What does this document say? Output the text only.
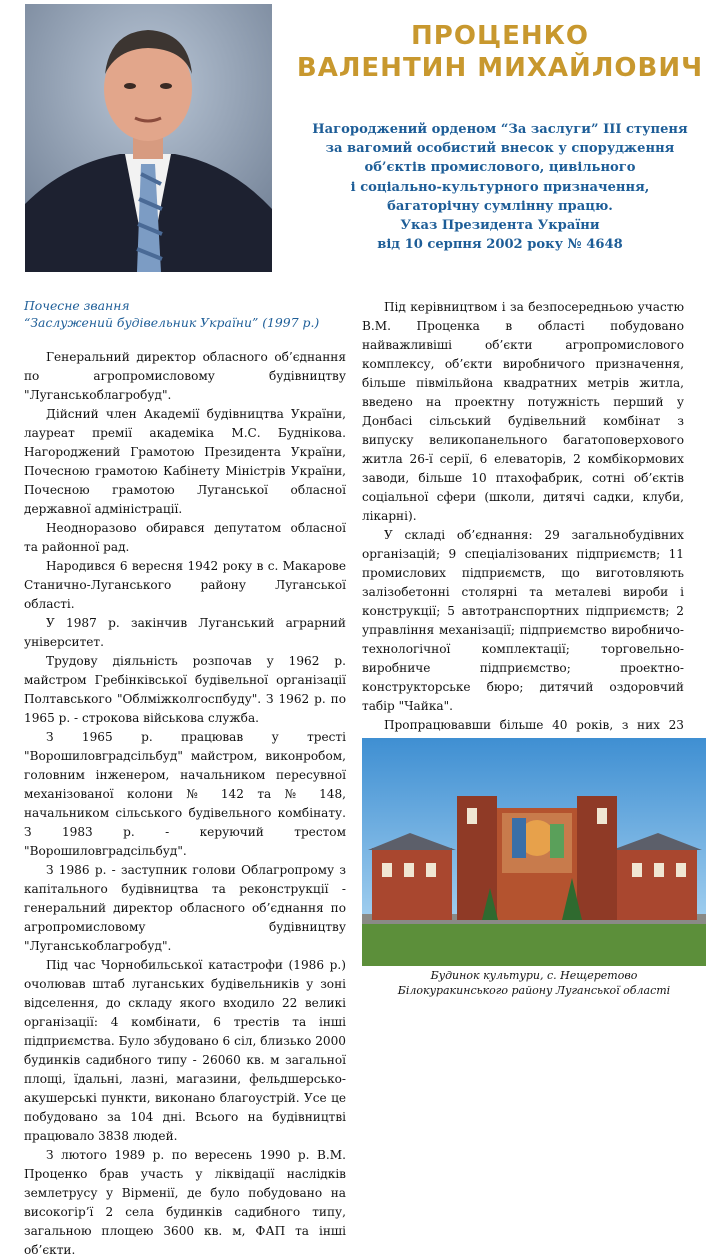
ПРОЦЕНКО
ВАЛЕНТИН МИХАЙЛОВИЧ
Нагороджений орденом “За заслуги” III ступеня
за вагомий особистий внесок у спорудження
об’єктів промислового, цивільного
і соціально-культурного призначення,
багаторічну сумлінну працю.
Указ Президента України
від 10 серпня 2002 року № 4648
Почесне звання
“Заслужений будівельник України” (1997 р.)

Генеральний директор обласного об’єднання по агропромисловому будівництву "Луганськоблагробуд".

Дійсний член Академії будівництва України, лауреат премії академіка М.С. Буднікова. Нагороджений Грамотою Президента України, Почесною грамотою Кабінету Міністрів України, Почесною грамотою Луганської обласної державної адміністрації.

Неодноразово обирався депутатом обласної та районної рад.

Народився 6 вересня 1942 року в с. Макарове Станично-Луганського району Луганської області.

У 1987 р. закінчив Луганський аграрний університет.

Трудову діяльність розпочав у 1962 р. майстром Гребінківської будівельної організації Полтавського "Облміжколгоспбуду". З 1962 р. по 1965 р. - строкова військова служба.

З 1965 р. працював у тресті "Ворошиловградсільбуд" майстром, виконробом, головним інженером, начальником пересувної механізованої колони № 142 та № 148, начальником сільського будівельного комбінату. З 1983 р. - керуючий трестом "Ворошиловградсільбуд".

З 1986 р. - заступник голови Облагропрому з капітального будівництва та реконструкції - генеральний директор обласного об’єднання по агропромисловому будівництву "Луганськоблагробуд".

Під час Чорнобильської катастрофи (1986 р.) очолював штаб луганських будівельників у зоні відселення, до складу якого входило 22 великі організації: 4 комбінати, 6 трестів та інші підприємства. Було збудовано 6 сіл, близько 2000 будинків садибного типу - 26060 кв. м загальної площі, їдальні, лазні, магазини, фельдшерсько-акушерські пункти, виконано благоустрій. Усе це побудовано за 104 дні. Всього на будівництві працювало 3838 людей.

З лютого 1989 р. по вересень 1990 р. В.М. Проценко брав участь у ліквідації наслідків землетрусу у Вірменії, де було побудовано на високогір’ї 2 села будинків садибного типу, загальною площею 3600 кв. м, ФАП та інші об’єкти.

Під керівництвом і за безпосередньою участю В.М. Проценка в області побудовано найважливіші об’єкти агропромислового комплексу, об’єкти виробничого призначення, більше півмільйона квадратних метрів житла, введено на проектну потужність перший у Донбасі сільський будівельний комбінат з випуску великопанельного багатоповерхового житла 26-ї серії, 6 елеваторів, 2 комбікормових заводи, більше 10 птахофабрик, сотні об’єктів соціальної сфери (школи, дитячі садки, клуби, лікарні).

У складі об’єднання: 29 загальнобудівних організацій; 9 спеціалізованих підприємств; 11 промислових підприємств, що виготовляють залізобетонні столярні та металеві вироби і конструкції; 5 автотранспортних підприємств; 2 управління механізації; підприємство виробничо-технологічної комплектації; торговельно-виробниче підприємство; проектно-конструкторське бюро; дитячий оздоровчий табір "Чайка".

Пропрацювавши більше 40 років, з них 23

Будинок культури, с. Нещеретово
Білокуракинського району Луганської області
